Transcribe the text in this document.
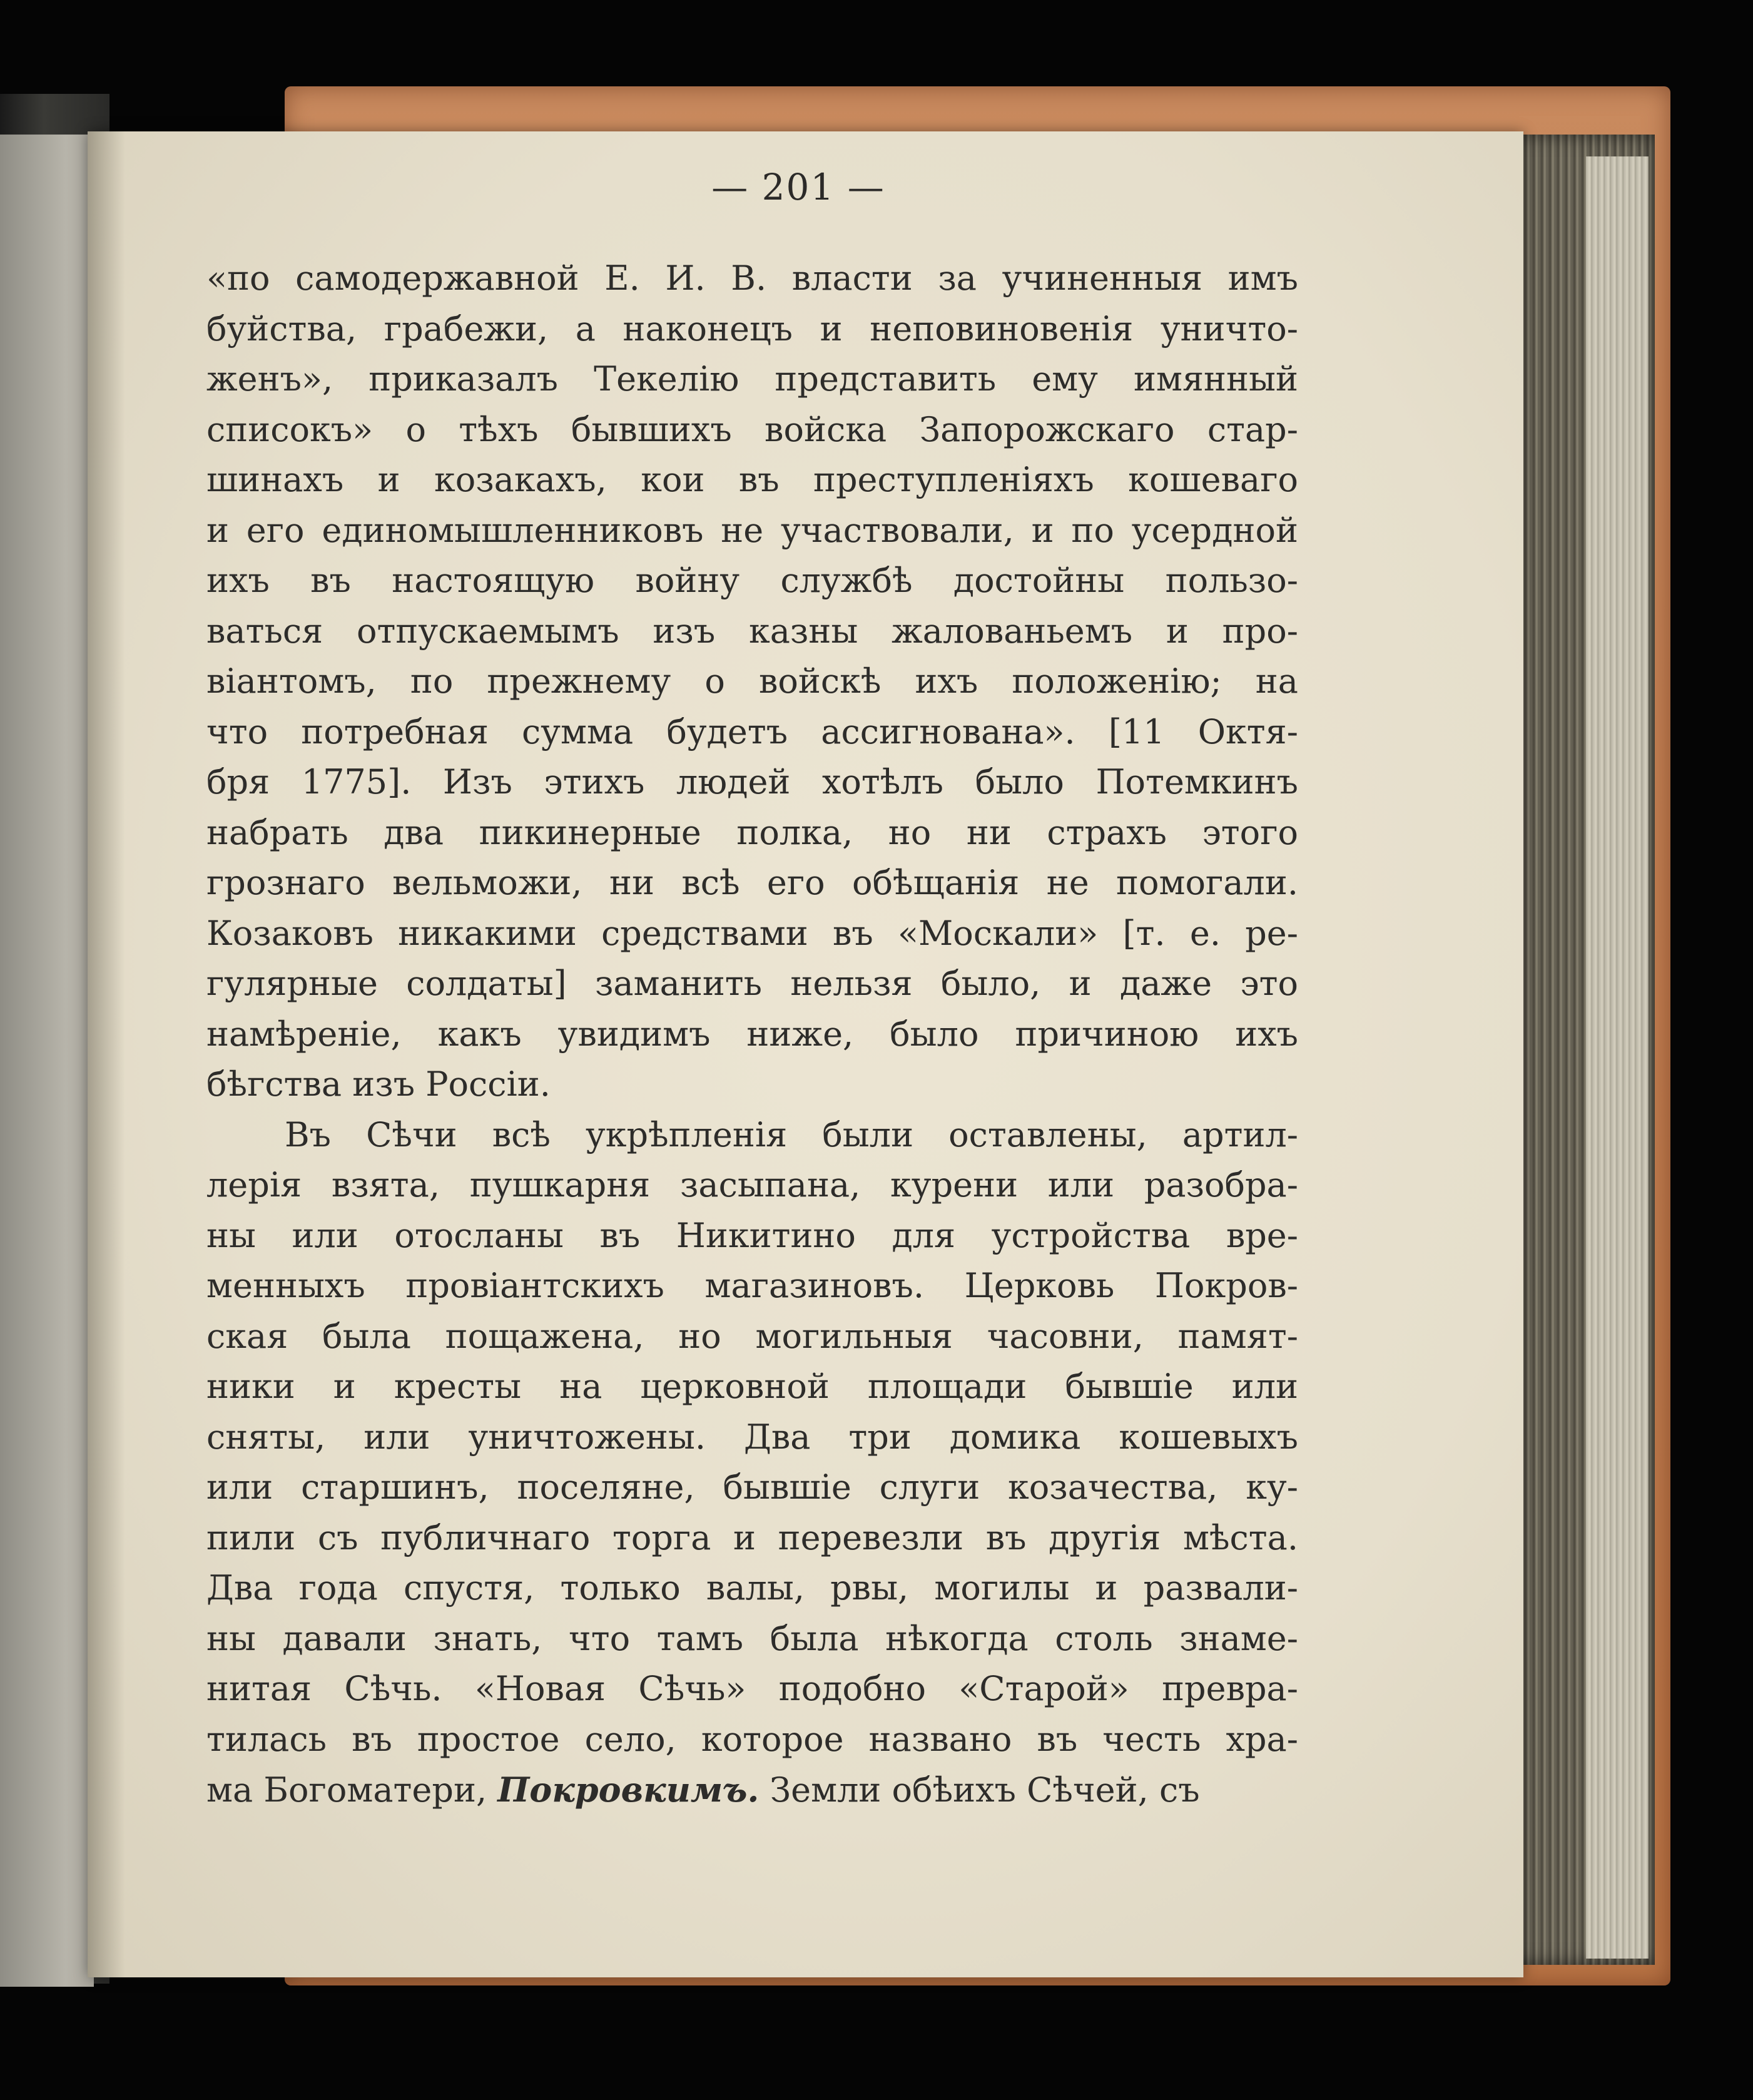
— 201 —
«по самодержавной Е. И. В. власти за учиненныя имъ
буйства, грабежи, а наконецъ и неповиновенія уничто-
женъ», приказалъ Текелію представить ему имянный
списокъ» о тѣхъ бывшихъ войска Запорожскаго стар-
шинахъ и козакахъ, кои въ преступленіяхъ кошеваго
и его единомышленниковъ не участвовали, и по усердной
ихъ въ настоящую войну службѣ достойны пользо-
ваться отпускаемымъ изъ казны жалованьемъ и про-
віантомъ, по прежнему о войскѣ ихъ положенію; на
что потребная сумма будетъ ассигнована». [11 Октя-
бря 1775]. Изъ этихъ людей хотѣлъ было Потемкинъ
набрать два пикинерные полка, но ни страхъ этого
грознаго вельможи, ни всѣ его обѣщанія не помогали.
Козаковъ никакими средствами въ «Москали» [т. е. ре-
гулярные солдаты] заманить нельзя было, и даже это
намѣреніе, какъ увидимъ ниже, было причиною ихъ
бѣгства изъ Россіи.
Въ Сѣчи всѣ укрѣпленія были оставлены, артил-
лерія взята, пушкарня засыпана, курени или разобра-
ны или отосланы въ Никитино для устройства вре-
менныхъ провіантскихъ магазиновъ. Церковь Покров-
ская была пощажена, но могильныя часовни, памят-
ники и кресты на церковной площади бывшіе или
сняты, или уничтожены. Два три домика кошевыхъ
или старшинъ, поселяне, бывшіе слуги козачества, ку-
пили съ публичнаго торга и перевезли въ другія мѣста.
Два года спустя, только валы, рвы, могилы и развали-
ны давали знать, что тамъ была нѣкогда столь знаме-
нитая Сѣчь. «Новая Сѣчь» подобно «Старой» превра-
тилась въ простое село, которое названо въ честь хра-
ма Богоматери, Покровкимъ. Земли обѣихъ Сѣчей, съ
